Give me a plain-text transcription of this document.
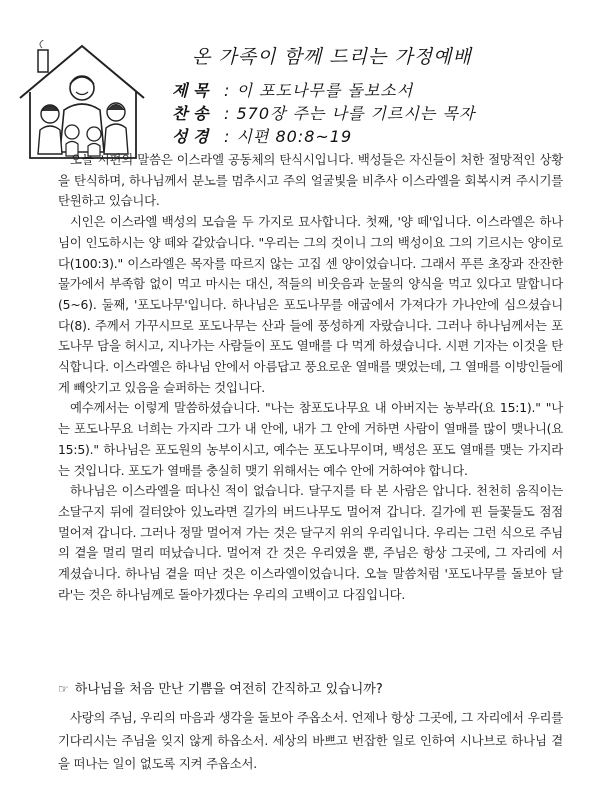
온 가족이 함께 드리는 가정예배
제 목 : 이 포도나무를 돌보소서
찬 송 : 570장 주는 나를 기르시는 목자
성 경 : 시편 80:8~19

오늘 시편의 말씀은 이스라엘 공동체의 탄식시입니다. 백성들은 자신들이 처한 절망적인 상황을 탄식하며, 하나님께서 분노를 멈추시고 주의 얼굴빛을 비추사 이스라엘을 회복시켜 주시기를 탄원하고 있습니다.

시인은 이스라엘 백성의 모습을 두 가지로 묘사합니다. 첫째, '양 떼'입니다. 이스라엘은 하나님이 인도하시는 양 떼와 같았습니다. "우리는 그의 것이니 그의 백성이요 그의 기르시는 양이로다(100:3)." 이스라엘은 목자를 따르지 않는 고집 센 양이었습니다. 그래서 푸른 초장과 잔잔한 물가에서 부족함 없이 먹고 마시는 대신, 적들의 비웃음과 눈물의 양식을 먹고 있다고 말합니다(5~6). 둘째, '포도나무'입니다. 하나님은 포도나무를 애굽에서 가져다가 가나안에 심으셨습니다(8). 주께서 가꾸시므로 포도나무는 산과 들에 풍성하게 자랐습니다. 그러나 하나님께서는 포도나무 담을 허시고, 지나가는 사람들이 포도 열매를 다 먹게 하셨습니다. 시편 기자는 이것을 탄식합니다. 이스라엘은 하나님 안에서 아름답고 풍요로운 열매를 맺었는데, 그 열매를 이방인들에게 빼앗기고 있음을 슬퍼하는 것입니다.

예수께서는 이렇게 말씀하셨습니다. "나는 참포도나무요 내 아버지는 농부라(요 15:1)." "나는 포도나무요 너희는 가지라 그가 내 안에, 내가 그 안에 거하면 사람이 열매를 많이 맺나니(요 15:5)." 하나님은 포도원의 농부이시고, 예수는 포도나무이며, 백성은 포도 열매를 맺는 가지라는 것입니다. 포도가 열매를 충실히 맺기 위해서는 예수 안에 거하여야 합니다.

하나님은 이스라엘을 떠나신 적이 없습니다. 달구지를 타 본 사람은 압니다. 천천히 움직이는 소달구지 뒤에 걸터앉아 있노라면 길가의 버드나무도 멀어져 갑니다. 길가에 핀 들꽃들도 점점 멀어져 갑니다. 그러나 정말 멀어져 가는 것은 달구지 위의 우리입니다. 우리는 그런 식으로 주님의 곁을 멀리 멀리 떠났습니다. 멀어져 간 것은 우리였을 뿐, 주님은 항상 그곳에, 그 자리에 서 계셨습니다. 하나님 곁을 떠난 것은 이스라엘이었습니다. 오늘 말씀처럼 '포도나무를 돌보아 달라'는 것은 하나님께로 돌아가겠다는 우리의 고백이고 다짐입니다.

☞ 하나님을 처음 만난 기쁨을 여전히 간직하고 있습니까?
사랑의 주님, 우리의 마음과 생각을 돌보아 주옵소서. 언제나 항상 그곳에, 그 자리에서 우리를 기다리시는 주님을 잊지 않게 하옵소서. 세상의 바쁘고 번잡한 일로 인하여 시나브로 하나님 곁을 떠나는 일이 없도록 지켜 주옵소서.
